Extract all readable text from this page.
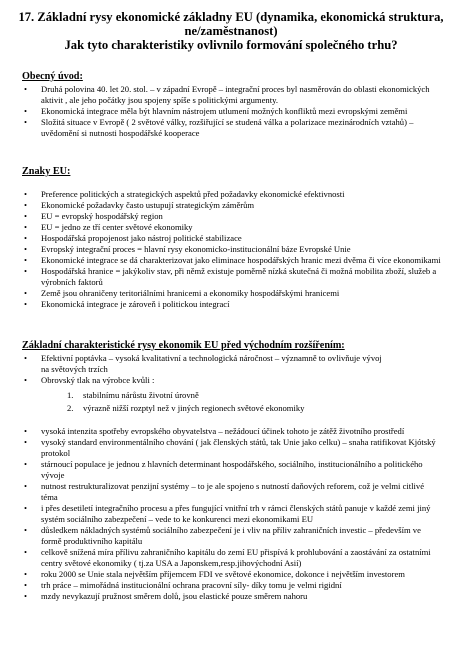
17. Základní rysy ekonomické základny EU (dynamika, ekonomická struktura, ne/zaměstnanost)
Jak tyto charakteristiky ovlivnilo formování společného trhu?
Obecný úvod:
• Druhá polovina 40. let 20. stol. – v západní Evropě – integrační proces byl nasměrován do oblasti ekonomických aktivit , ale jeho počátky jsou spojeny spíše s politickými argumenty.
• Ekonomická integrace měla být hlavním nástrojem utlumení možných konfliktů mezi evropskými zeměmi
• Složitá situace v Evropě ( 2 světové války, rozšiřující se studená válka a polarizace mezinárodních vztahů) – uvědomění si nutnosti hospodářské kooperace
Znaky EU:
• Preference politických a strategických aspektů před požadavky ekonomické efektivnosti
• Ekonomické požadavky často ustupují strategickým záměrům
• EU = evropský hospodářský region
• EU = jedno ze tří center světové ekonomiky
• Hospodářská propojenost jako nástroj politické stabilizace
• Evropský integrační proces = hlavní rysy ekonomicko-institucionální báze Evropské Unie
• Ekonomické integrace se dá charakterizovat jako eliminace hospodářských hranic mezi dvěma či více ekonomikami
• Hospodářská hranice = jakýkoliv stav, při němž existuje poměrně nízká skutečná či možná mobilita zboží, služeb a výrobních faktorů
• Země jsou ohraničeny teritoriálními hranicemi a ekonomiky hospodářskými hranicemi
• Ekonomická integrace je zároveň i politickou integrací
Základní charakteristické rysy ekonomik EU před východním rozšířením:
• Efektivní poptávka – vysoká kvalitativní a technologická náročnost – významně to ovlivňuje vývoj na světových trzích
• Obrovský tlak na výrobce kvůli :
1. stabilnímu nárůstu životní úrovně
2. výrazně nižší rozptyl než v jiných regionech světové ekonomiky
• vysoká intenzita spotřeby evropského obyvatelstva – nežádoucí účinek tohoto je zátěž životního prostředí
• vysoký standard environmentálního chování ( jak členských států, tak Unie jako celku) – snaha ratifikovat Kjótský protokol
• stárnoucí populace je jednou z hlavních determinant hospodářského, sociálního, institucionálního a politického vývoje
• nutnost restrukturalizovat penzijní systémy – to je ale spojeno s nutností daňových reforem, což je velmi citlivé téma
• i přes desetiletí integračního procesu a přes fungující vnitřní trh v rámci členských států panuje v každé zemi jiný systém sociálního zabezpečení – vede to ke konkurenci mezi ekonomikami EU
• důsledkem nákladných systémů sociálního zabezpečení je i vliv na příliv zahraničních investic – především ve formě produktivního kapitálu
• celkově snížená míra přílivu zahraničního kapitálu do zemí EU přispívá k prohlubování a zaostávání za ostatními centry světové ekonomiky ( tj.za USA a Japonskem,resp.jihovýchodní Asií)
• roku 2000 se Unie stala největším příjemcem FDI ve světové ekonomice, dokonce i největším investorem
• trh práce – mimořádná institucionální ochrana pracovní síly- díky tomu je velmi rigidní
• mzdy nevykazují pružnost směrem dolů, jsou elastické pouze směrem nahoru
